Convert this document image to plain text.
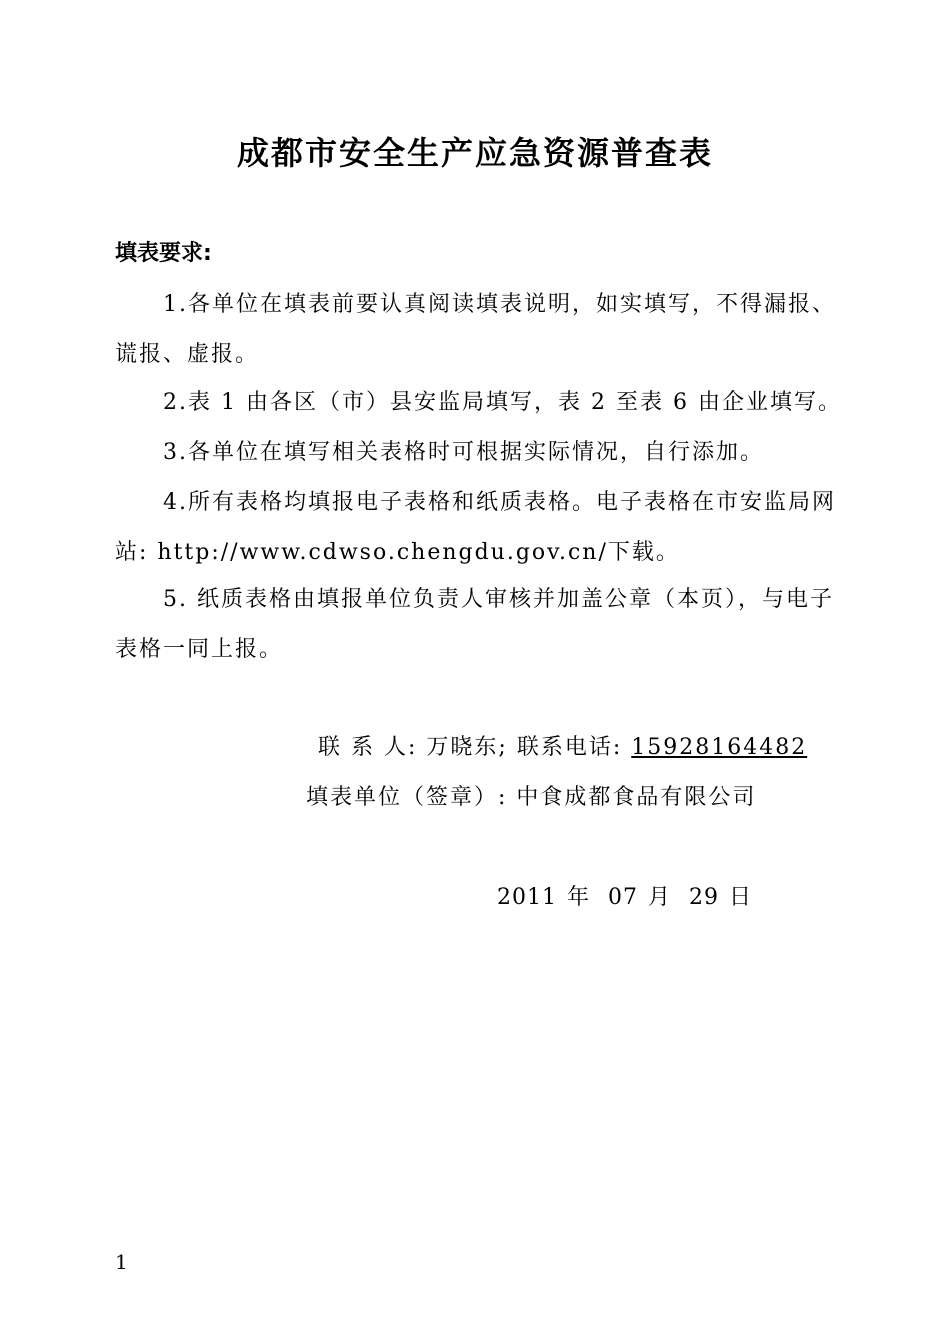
成都市安全生产应急资源普查表
填表要求:
1.各单位在填表前要认真阅读填表说明，如实填写，不得漏报、谎报、虚报。
2.表 1 由各区（市）县安监局填写，表 2 至表 6 由企业填写。
3.各单位在填写相关表格时可根据实际情况，自行添加。
4.所有表格均填报电子表格和纸质表格。电子表格在市安监局网站: http://www.cdwso.chengdu.gov.cn/下载。
5. 纸质表格由填报单位负责人审核并加盖公章（本页），与电子表格一同上报。
联 系 人: 万晓东; 联系电话: 15928164482
填表单位（签章）: 中食成都食品有限公司
2011 年 07 月 29 日
1
